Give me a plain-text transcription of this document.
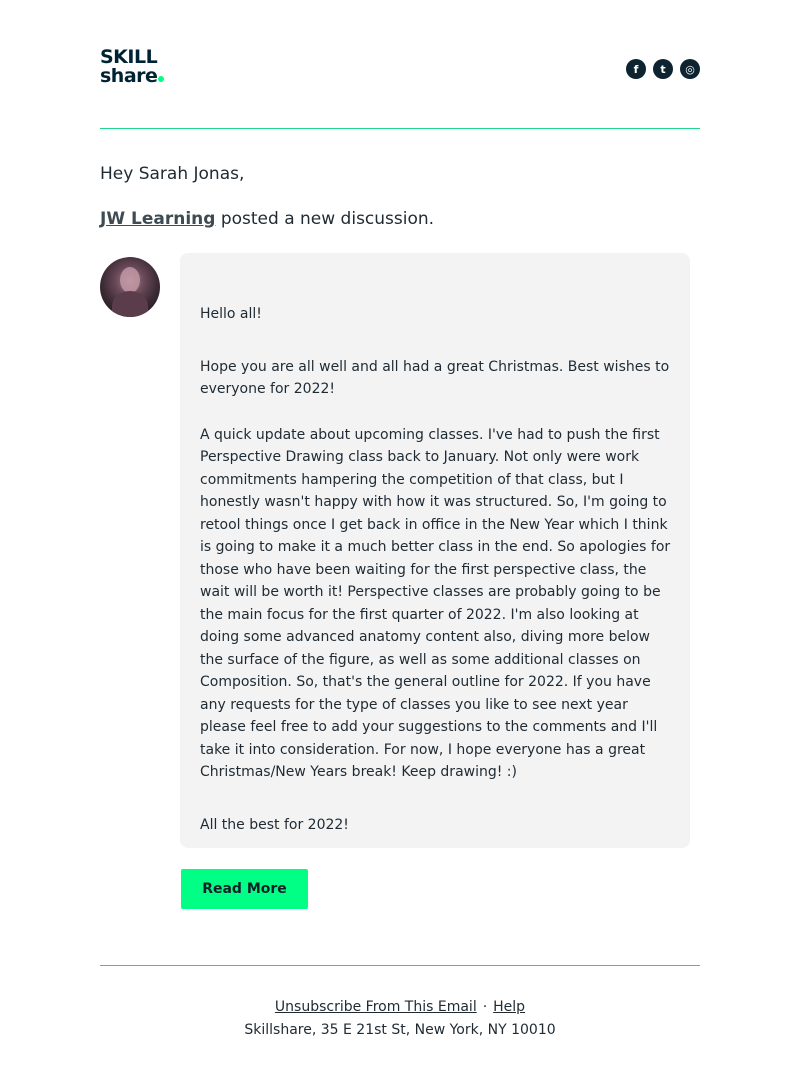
SKILL
share	f	t	◎
Hey Sarah Jonas,
JW Learning posted a new discussion.

Hello all!

Hope you are all well and all had a great Christmas. Best wishes to everyone for 2022!

A quick update about upcoming classes. I've had to push the first Perspective Drawing class back to January. Not only were work commitments hampering the competition of that class, but I honestly wasn't happy with how it was structured. So, I'm going to retool things once I get back in office in the New Year which I think is going to make it a much better class in the end. So apologies for those who have been waiting for the first perspective class, the wait will be worth it! Perspective classes are probably going to be the main focus for the first quarter of 2022. I'm also looking at doing some advanced anatomy content also, diving more below the surface of the figure, as well as some additional classes on Composition. So, that's the general outline for 2022. If you have any requests for the type of classes you like to see next year please feel free to add your suggestions to the comments and I'll take it into consideration. For now, I hope everyone has a great Christmas/New Years break! Keep drawing! :)

All the best for 2022!

Read More
Unsubscribe From This Email · Help
Skillshare, 35 E 21st St, New York, NY 10010
